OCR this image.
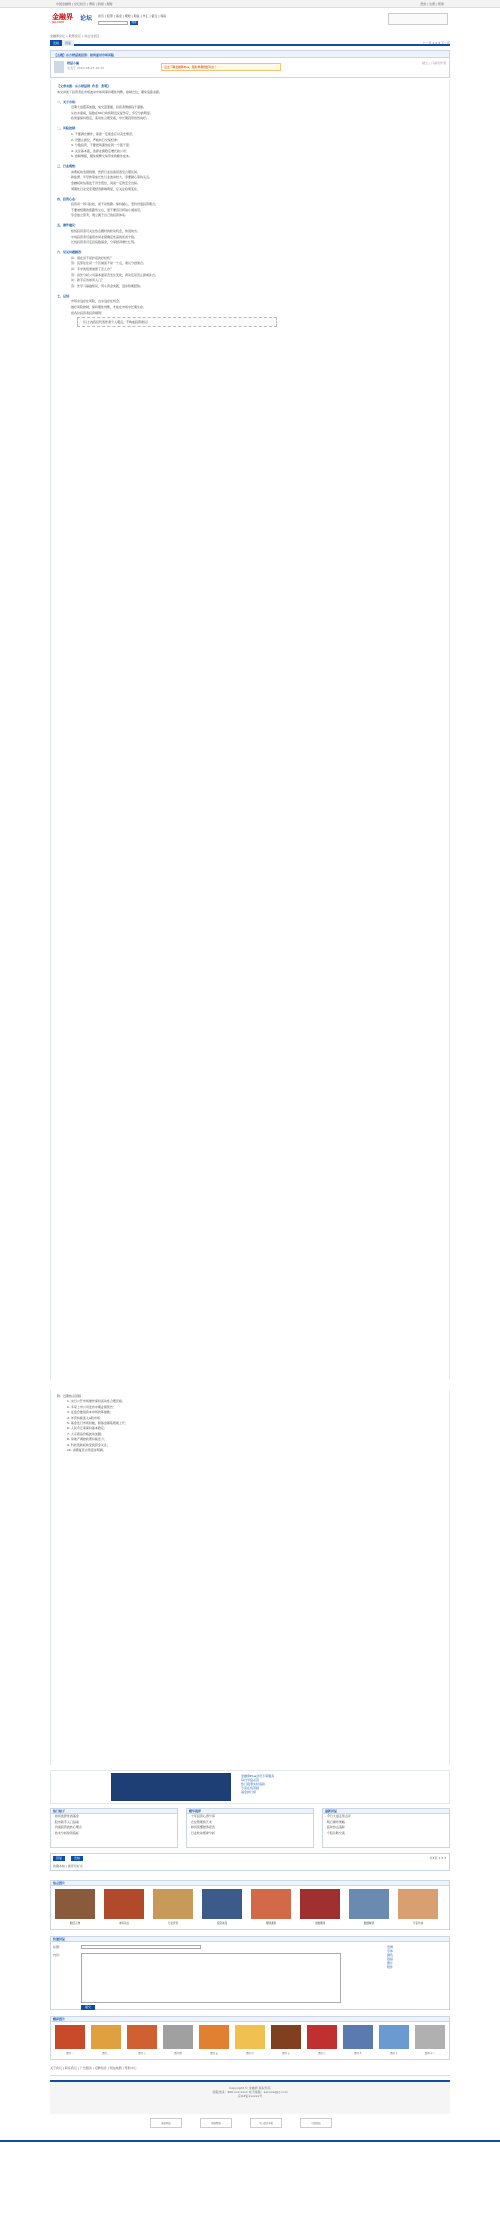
中国金融网 | 论坛首页 | 博客 | 新闻 | 理财	登录 | 注册 | 帮助
金融界
JRJ.COM	论坛 首页 | 股票 | 基金 | 理财 | 期货 | 外汇 | 银行 | 保险
搜索
金融界论坛 » 股票论坛 » 综合讨论区
发帖	回复	上一页 1 2 3 下一页
【主题】东方财富谈投资：如何面对市场风险
财富小编
发表于 2010-08-23 10:15	点击了解金融界Plus，随时掌握财经动态！
楼主 | 只看该作者

【文章来源：东方财富网  作者：张明】

本文讲述了投资者在市场波动中如何保持理性判断，控制仓位，避免追涨杀跌。

一、关于市场：

近期大盘震荡加剧，成交量萎缩，投资者情绪趋于谨慎。

从技术面看，指数在60日均线附近反复争夺，多空分歧明显。

政策面保持稳定，流动性合理充裕，中长期趋势依然向好。

二、风险控制：

1. 不要满仓操作，保留一定现金应对突发情况；

2. 设置止损位，严格执行交易纪律；

3. 分散投资，不要把鸡蛋放在同一个篮子里；

4. 关注基本面，选择业绩稳定增长的公司；

5. 控制情绪，避免频繁交易带来的额外成本。

三、行业观察：

消费板块表现稳健，医药行业估值回落至合理区间。

新能源、半导体等成长性行业波动较大，需要耐心等待买点。

金融板块估值处于历史低位，具备一定的安全边际。

周期性行业受宏观经济影响明显，应关注政策变化。

四、投资心态：

投资是一场马拉松，而不是短跑。保持耐心，坚持价值投资理念。

不要被短期的涨跌所左右，更不要盲目听信小道消息。

学会独立思考，建立属于自己的投资体系。

五、操作建议：

短线投资者可关注热点题材的轮动机会，快进快出。

中线投资者可逢低布局业绩确定性高的优质个股。

长线投资者可定投指数基金，分享经济增长红利。

六、常见问题解答：

问：现在是不是抄底的好时机？

答：底部往往是一个区域而不是一个点，建议分批建仓。

问：手中的股票被套了怎么办？

答：首先分析公司基本面是否发生变化，再决定是否止损或补仓。

问：新手应该如何入门？

答：先学习基础知识，用小资金实践，逐步积累经验。

七、总结：

市场永远存在风险，也永远存在机会。

做好风险控制，保持理性判断，才能在市场中长期生存。

祝各位投资者投资顺利！

（以上内容仅代表作者个人观点，不构成投资建议）

附：近期热点回顾

1. 央行公开市场操作保持流动性合理充裕；

2. 多家上市公司发布中期业绩预告；

3. 证监会推进资本市场改革措施；

4. 外资持续流入A股市场；

5. 基金发行市场回暖，新基金募集规模上升；

6. 人民币汇率保持基本稳定；

7. 大宗商品价格波动加剧；

8. 房地产调控政策持续发力；

9. 科技创新板块受到资金关注；

10. 消费复苏态势逐步明朗。

金融界Plus会员专享服务
每日早盘必读
热门股票实时追踪
专家在线答疑
基金排行榜
热门帖子
· 如何选择优质基金
· 股市新手入门指南
· 价值投资的核心理念
· 技术分析常用指标
精华推荐
· 十年投资心得分享
· 仓位管理的艺术
· 如何读懂财务报表
· 行业轮动规律分析
最新回复
· 今日大盘走势点评
· 明日操作策略
· 板块热点追踪
· 个股诊断交流
回复	发帖	共3页 1 2 3
收藏本帖 | 推荐给好友
热点图片
财经人物	市场动态	行业资讯	投资讲座	理财课堂	金融要闻	数据解读	专家访谈
快速回复
标题：
内容：
提交
表情
字体
颜色
链接
图片
附件
精彩图片
图片一	图片二	图片三	图片四	图片五	图片六	图片七	图片八	图片九	图片十	图片十一
关于我们 | 联系我们 | 广告服务 | 招聘信息 | 网站地图 | 帮助中心

Copyright © 金融界 版权所有

客服热线：400-xxx-xxxx 电子邮箱：service@jrj.com

京ICP证xxxxxx号

诚信网站	网络警察	不良信息举报	可信网站
